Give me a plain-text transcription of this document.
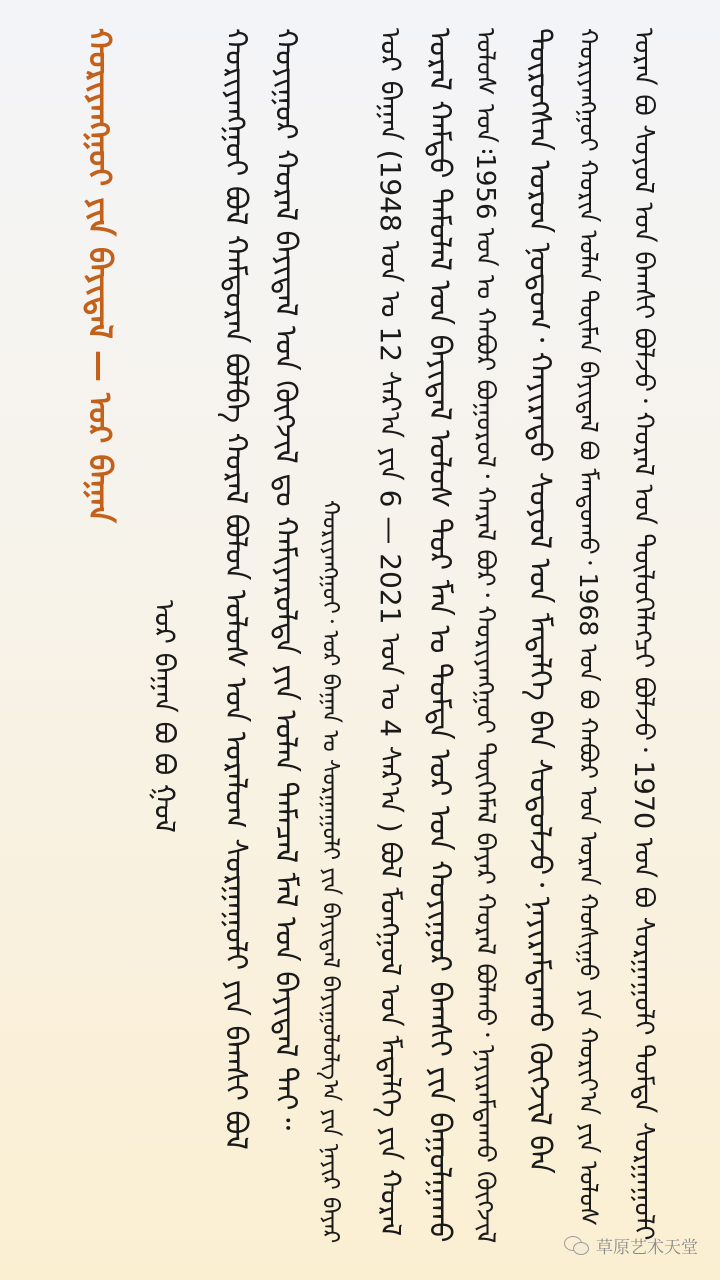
ᠬᠤᠷᠢᠶᠠᠩᠭᠤᠢ ᠶᠢᠨ ᠪᠠᠶᠢᠳᠠᠯ — ᠣᠷ ᠪᠠᠭᠠᠨ
ᠣᠷ ᠪᠠᠭᠠᠨ ᠪᠣ ᠪᠣ ᠭᠤᠯ	ᠬᠤᠷᠢᠶᠠᠩᠭᠤᠢ᠂ ᠣᠷ ᠪᠠᠭᠠᠨ ᠤ ᠰᠤᠷᠭᠠᠭᠤᠯᠢ ᠶᠢᠨ ᠪᠠᠶᠢᠳᠠᠯ ᠪᠠᠶᠢᠭᠤᠯᠤᠯᠭ᠎ᠠ ᠶᠢᠨ ᠨᠠᠶᠢᠷ ᠪᠠᠶᠠᠷ ᠣᠷ ᠪᠠᠭᠠᠨ (1948 ᠣᠨ ᠤ 12 ᠰᠠᠷ᠎ᠠ ᠶᠢᠨ 6 — 2021 ᠣᠨ ᠤ 4 ᠰᠠᠷ᠎ᠠ ) ᠪᠣᠯ ᠮᠣᠩᠭᠣᠯ ᠤᠨ ᠮᠡᠳᠡᠯᠭᠡ ᠶᠢᠨ ᠬᠤᠷᠠᠯ ᠤᠷᠠᠯ ᠬᠠᠮᠲᠤ ᠲᠡᠮᠦᠯᠡᠯ ᠤᠨ ᠪᠠᠶᠢᠳᠠᠯ ᠤᠯᠤᠰ ᠲᠤᠷ ᠮᠠᠨ ᠤ ᠳᠤᠮᠳᠠ ᠣᠷ ᠤᠨ ᠬᠣᠶᠢᠭᠤᠷ ᠪᠠᠭᠰᠢ ᠶᠢᠨ ᠪᠠᠭᠤᠯᠭᠠᠬᠤ ᠤᠯᠤᠰ ᠤᠨ᠄1956 ᠣᠨ ᠤ ᠬᠠᠪᠤᠷ ᠪᠤᠭᠤᠷᠤᠯ᠂ ᠬᠠᠷᠠᠯ ᠪᠤᠷ᠂ ᠬᠤᠷᠢᠶᠠᠩᠭᠤᠢ ᠲᠦᠭᠡᠮᠡᠯ ᠪᠠᠶᠠᠷ ᠬᠤᠷᠠᠯ ᠪᠣᠯᠬᠤ᠂ ᠨᠠᠶᠢᠷᠠᠮᠳᠠᠬᠤ ᠬᠥᠭᠵᠢᠯ ᠲᠥᠷᠥᠭᠰᠡᠨ ᠣᠷᠤᠨ ᠨᠤᠲᠤᠭ᠂ ᠬᠠᠶᠢᠷᠠᠳᠤ ᠰᠣᠶᠣᠯ ᠤᠨ ᠮᠡᠳᠡᠯᠭᠡ ᠪᠠᠨ ᠰᠤᠳᠤᠯᠵᠤ᠂ ᠨᠠᠶᠢᠷᠠᠮᠳᠠᠬᠤ ᠬᠥᠭᠵᠢᠯ ᠪᠠᠨ ᠬᠤᠷᠢᠶᠠᠩᠭᠤᠢ ᠬᠣᠷᠢᠨ ᠣᠯᠠᠨ ᠲᠦᠮᠡᠨ ᠪᠠᠶᠢᠳᠠᠯ ᠪᠤ ᠮᠠᠨᠳᠤᠬᠤ᠂ 1968 ᠣᠨ ᠪᠤ ᠬᠠᠪᠤᠷ ᠤᠨ ᠤᠷᠠᠨ ᠬᠣᠰᠢᠭᠤ ᠶᠢᠨ ᠬᠣᠷᠢᠶ᠎ᠠ ᠶᠢᠨ ᠤᠯᠤᠰ ᠤᠷᠠᠨ ᠪᠤ ᠰᠣᠶᠣᠯ ᠤᠨ ᠪᠠᠭᠰᠢ ᠪᠣᠯᠵᠤ᠂ ᠬᠤᠷᠠᠯ ᠤᠨ ᠲᠥᠯᠦᠭᠡᠯᠡᠭᠴᠢ ᠪᠣᠯᠵᠤ᠂ 1970 ᠣᠨ ᠪᠤ ᠰᠤᠷᠭᠠᠭᠤᠯᠢ ᠳᠤᠮᠳᠠ ᠰᠤᠷᠭᠠᠭᠤᠯᠢ
ᠬᠣᠶᠢᠭᠤᠷ ᠬᠤᠷᠠᠯ ᠪᠠᠶᠢᠳᠠᠯ ᠤᠨ ᠬᠥᠭᠵᠢᠯ ᠳᠤ ᠬᠠᠮᠢᠶᠠᠷᠤᠯᠳᠠ ᠶᠢᠨ ᠣᠯᠠᠨ ᠲᠡᠮᠡᠴᠡᠯ ᠮᠠᠯ ᠤᠨ ᠪᠠᠶᠢᠳᠠᠯ ᠲᠠᠶ᠃
ᠬᠤᠷᠢᠶᠠᠩᠭᠤᠢ ᠪᠣᠯ ᠬᠠᠮᠲᠤᠷᠠᠨ ᠪᠣᠯᠪᠠ ᠬᠤᠷᠠᠯ ᠪᠣᠯᠤᠨ ᠤᠯᠤᠰ ᠤᠨ ᠤᠷᠠᠯᠤᠭ ᠰᠤᠷᠭᠠᠭᠤᠯᠢ ᠶᠢᠨ ᠪᠠᠭᠰᠢ ᠪᠣᠯ
草原艺术天堂
